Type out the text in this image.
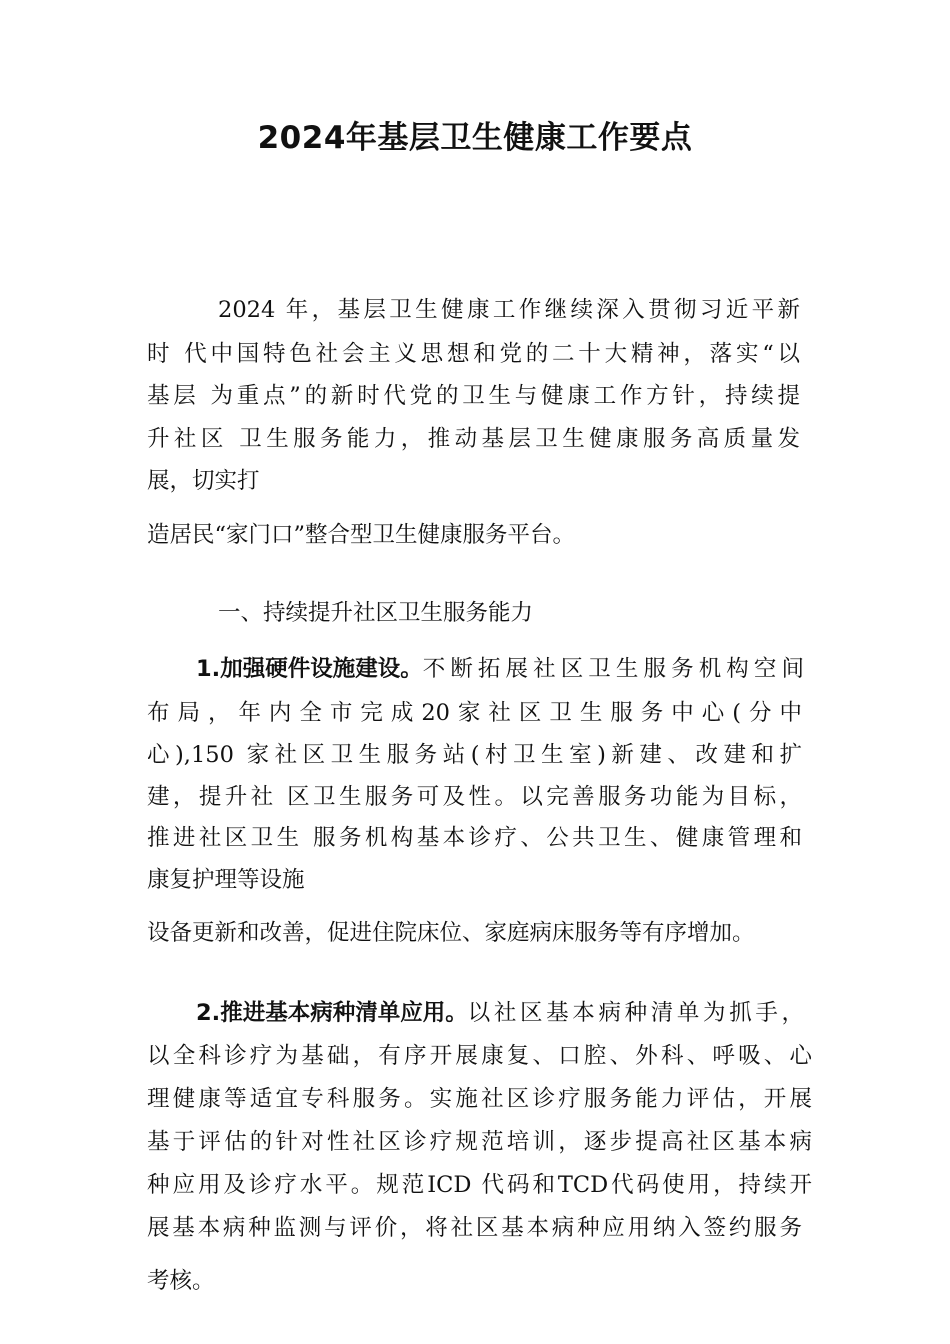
2024年基层卫生健康工作要点
2024 年，基层卫生健康工作继续深入贯彻习近平新
时 代中国特色社会主义思想和党的二十大精神，落实“以
基层 为重点”的新时代党的卫生与健康工作方针，持续提
升社区 卫生服务能力，推动基层卫生健康服务高质量发
展，切实打
造居民“家门口”整合型卫生健康服务平台。
一、持续提升社区卫生服务能力
1.加强硬件设施建设。 不断拓展社区卫生服务机构空间
布局，年内全市完成20家社区卫生服务中心(分中
心),150 家社区卫生服务站(村卫生室)新建、改建和扩
建，提升社 区卫生服务可及性。以完善服务功能为目标，
推进社区卫生 服务机构基本诊疗、公共卫生、健康管理和
康复护理等设施
设备更新和改善，促进住院床位、家庭病床服务等有序增加。
2.推进基本病种清单应用。 以社区基本病种清单为抓手，
以全科诊疗为基础，有序开展康复、口腔、外科、呼吸、心
理健康等适宜专科服务。实施社区诊疗服务能力评估，开展
基于评估的针对性社区诊疗规范培训，逐步提高社区基本病
种应用及诊疗水平。规范ICD 代码和TCD代码使用，持续开
展基本病种监测与评价，将社区基本病种应用纳入签约服务
考核。
